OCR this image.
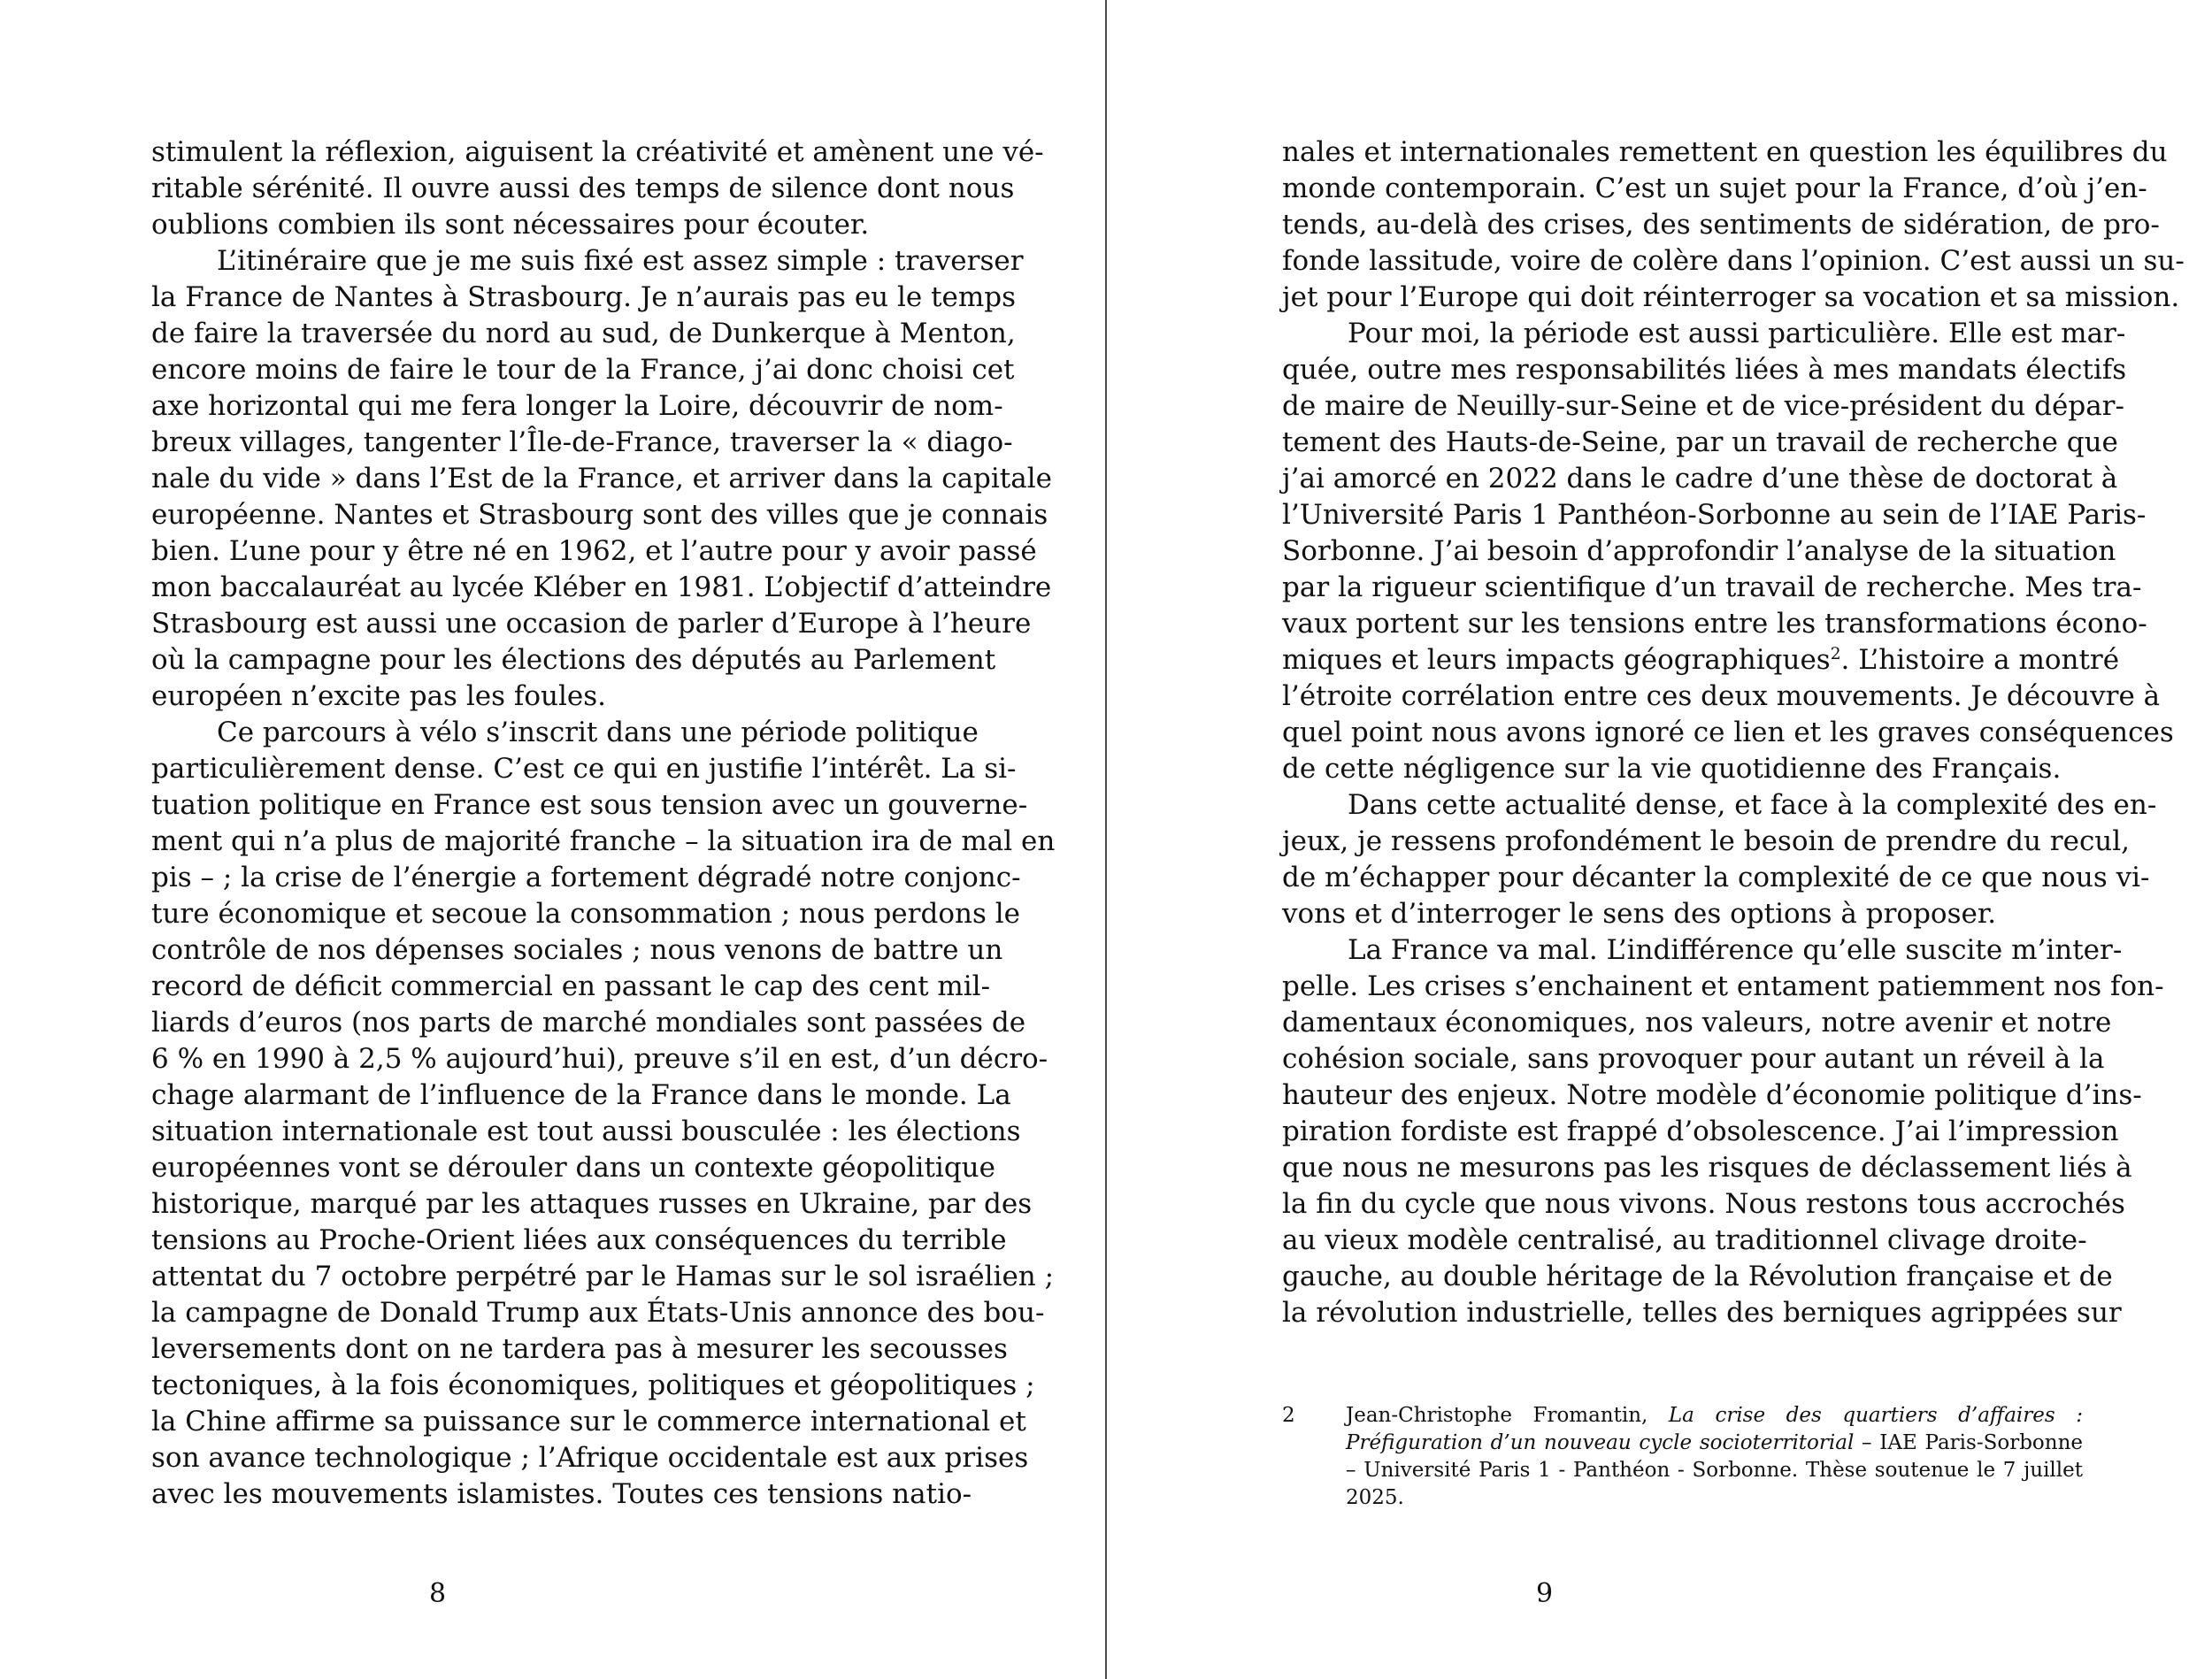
stimulent la réflexion, aiguisent la créativité et amènent une vé-
ritable sérénité. Il ouvre aussi des temps de silence dont nous
oublions combien ils sont nécessaires pour écouter.
L’itinéraire que je me suis fixé est assez simple : traverser
la France de Nantes à Strasbourg. Je n’aurais pas eu le temps
de faire la traversée du nord au sud, de Dunkerque à Menton,
encore moins de faire le tour de la France, j’ai donc choisi cet
axe horizontal qui me fera longer la Loire, découvrir de nom-
breux villages, tangenter l’Île-de-France, traverser la « diago-
nale du vide » dans l’Est de la France, et arriver dans la capitale
européenne. Nantes et Strasbourg sont des villes que je connais
bien. L’une pour y être né en 1962, et l’autre pour y avoir passé
mon baccalauréat au lycée Kléber en 1981. L’objectif d’atteindre
Strasbourg est aussi une occasion de parler d’Europe à l’heure
où la campagne pour les élections des députés au Parlement
européen n’excite pas les foules.
Ce parcours à vélo s’inscrit dans une période politique
particulièrement dense. C’est ce qui en justifie l’intérêt. La si-
tuation politique en France est sous tension avec un gouverne-
ment qui n’a plus de majorité franche – la situation ira de mal en
pis – ; la crise de l’énergie a fortement dégradé notre conjonc-
ture économique et secoue la consommation ; nous perdons le
contrôle de nos dépenses sociales ; nous venons de battre un
record de déficit commercial en passant le cap des cent mil-
liards d’euros (nos parts de marché mondiales sont passées de
6 % en 1990 à 2,5 % aujourd’hui), preuve s’il en est, d’un décro-
chage alarmant de l’influence de la France dans le monde. La
situation internationale est tout aussi bousculée : les élections
européennes vont se dérouler dans un contexte géopolitique
historique, marqué par les attaques russes en Ukraine, par des
tensions au Proche-Orient liées aux conséquences du terrible
attentat du 7 octobre perpétré par le Hamas sur le sol israélien ;
la campagne de Donald Trump aux États-Unis annonce des bou-
leversements dont on ne tardera pas à mesurer les secousses
tectoniques, à la fois économiques, politiques et géopolitiques ;
la Chine affirme sa puissance sur le commerce international et
son avance technologique ; l’Afrique occidentale est aux prises
avec les mouvements islamistes. Toutes ces tensions natio-
8
nales et internationales remettent en question les équilibres du
monde contemporain. C’est un sujet pour la France, d’où j’en-
tends, au-delà des crises, des sentiments de sidération, de pro-
fonde lassitude, voire de colère dans l’opinion. C’est aussi un su-
jet pour l’Europe qui doit réinterroger sa vocation et sa mission.
Pour moi, la période est aussi particulière. Elle est mar-
quée, outre mes responsabilités liées à mes mandats électifs
de maire de Neuilly-sur-Seine et de vice-président du dépar-
tement des Hauts-de-Seine, par un travail de recherche que
j’ai amorcé en 2022 dans le cadre d’une thèse de doctorat à
l’Université Paris 1 Panthéon-Sorbonne au sein de l’IAE Paris-
Sorbonne. J’ai besoin d’approfondir l’analyse de la situation
par la rigueur scientifique d’un travail de recherche. Mes tra-
vaux portent sur les tensions entre les transformations écono-
miques et leurs impacts géographiques$^2$. L’histoire a montré
l’étroite corrélation entre ces deux mouvements. Je découvre à
quel point nous avons ignoré ce lien et les graves conséquences
de cette négligence sur la vie quotidienne des Français.
Dans cette actualité dense, et face à la complexité des en-
jeux, je ressens profondément le besoin de prendre du recul,
de m’échapper pour décanter la complexité de ce que nous vi-
vons et d’interroger le sens des options à proposer.
La France va mal. L’indifférence qu’elle suscite m’inter-
pelle. Les crises s’enchainent et entament patiemment nos fon-
damentaux économiques, nos valeurs, notre avenir et notre
cohésion sociale, sans provoquer pour autant un réveil à la
hauteur des enjeux. Notre modèle d’économie politique d’ins-
piration fordiste est frappé d’obsolescence. J’ai l’impression
que nous ne mesurons pas les risques de déclassement liés à
la fin du cycle que nous vivons. Nous restons tous accrochés
au vieux modèle centralisé, au traditionnel clivage droite-
gauche, au double héritage de la Révolution française et de
la révolution industrielle, telles des berniques agrippées sur
2 Jean-Christophe Fromantin, La crise des quartiers d’affaires :
Préfiguration d’un nouveau cycle socioterritorial – IAE Paris-Sorbonne
– Université Paris 1 - Panthéon - Sorbonne. Thèse soutenue le 7 juillet
2025.
9
